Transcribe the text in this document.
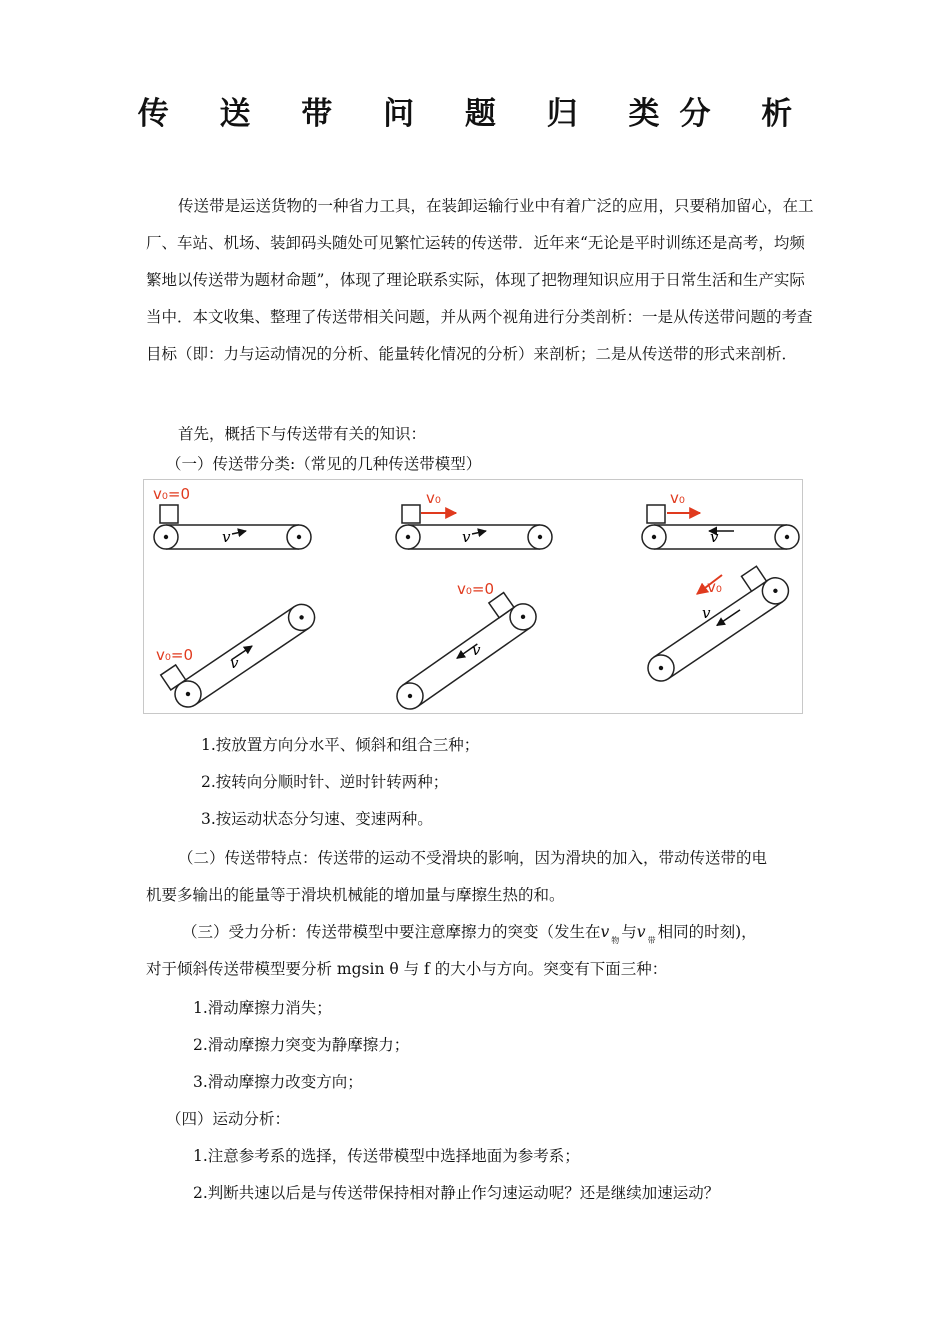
传 送 带 问 题 归 类分 析
传送带是运送货物的一种省力工具，在装卸运输行业中有着广泛的应用，只要稍加留心，在工厂、车站、机场、装卸码头随处可见繁忙运转的传送带．近年来“无论是平时训练还是高考，均频繁地以传送带为题材命题”，体现了理论联系实际，体现了把物理知识应用于日常生活和生产实际当中．本文收集、整理了传送带相关问题，并从两个视角进行分类剖析：一是从传送带问题的考查目标（即：力与运动情况的分析、能量转化情况的分析）来剖析；二是从传送带的形式来剖析．
首先，概括下与传送带有关的知识：
（一）传送带分类:（常见的几种传送带模型）
v₀=0
v
v₀
v
v₀
v
v₀=0 v
v₀=0
v
v₀
v
1.按放置方向分水平、倾斜和组合三种；
2.按转向分顺时针、逆时针转两种；
3.按运动状态分匀速、变速两种。
（二）传送带特点：传送带的运动不受滑块的影响，因为滑块的加入，带动传送带的电
机要多输出的能量等于滑块机械能的增加量与摩擦生热的和。
（三）受力分析：传送带模型中要注意摩擦力的突变（发生在v $_物$ 与v $_带$ 相同的时刻)，
对于倾斜传送带模型要分析 mgsin θ 与 f 的大小与方向。突变有下面三种：
1.滑动摩擦力消失；
2.滑动摩擦力突变为静摩擦力；
3.滑动摩擦力改变方向；
（四）运动分析：
1.注意参考系的选择，传送带模型中选择地面为参考系；
2.判断共速以后是与传送带保持相对静止作匀速运动呢？还是继续加速运动？
